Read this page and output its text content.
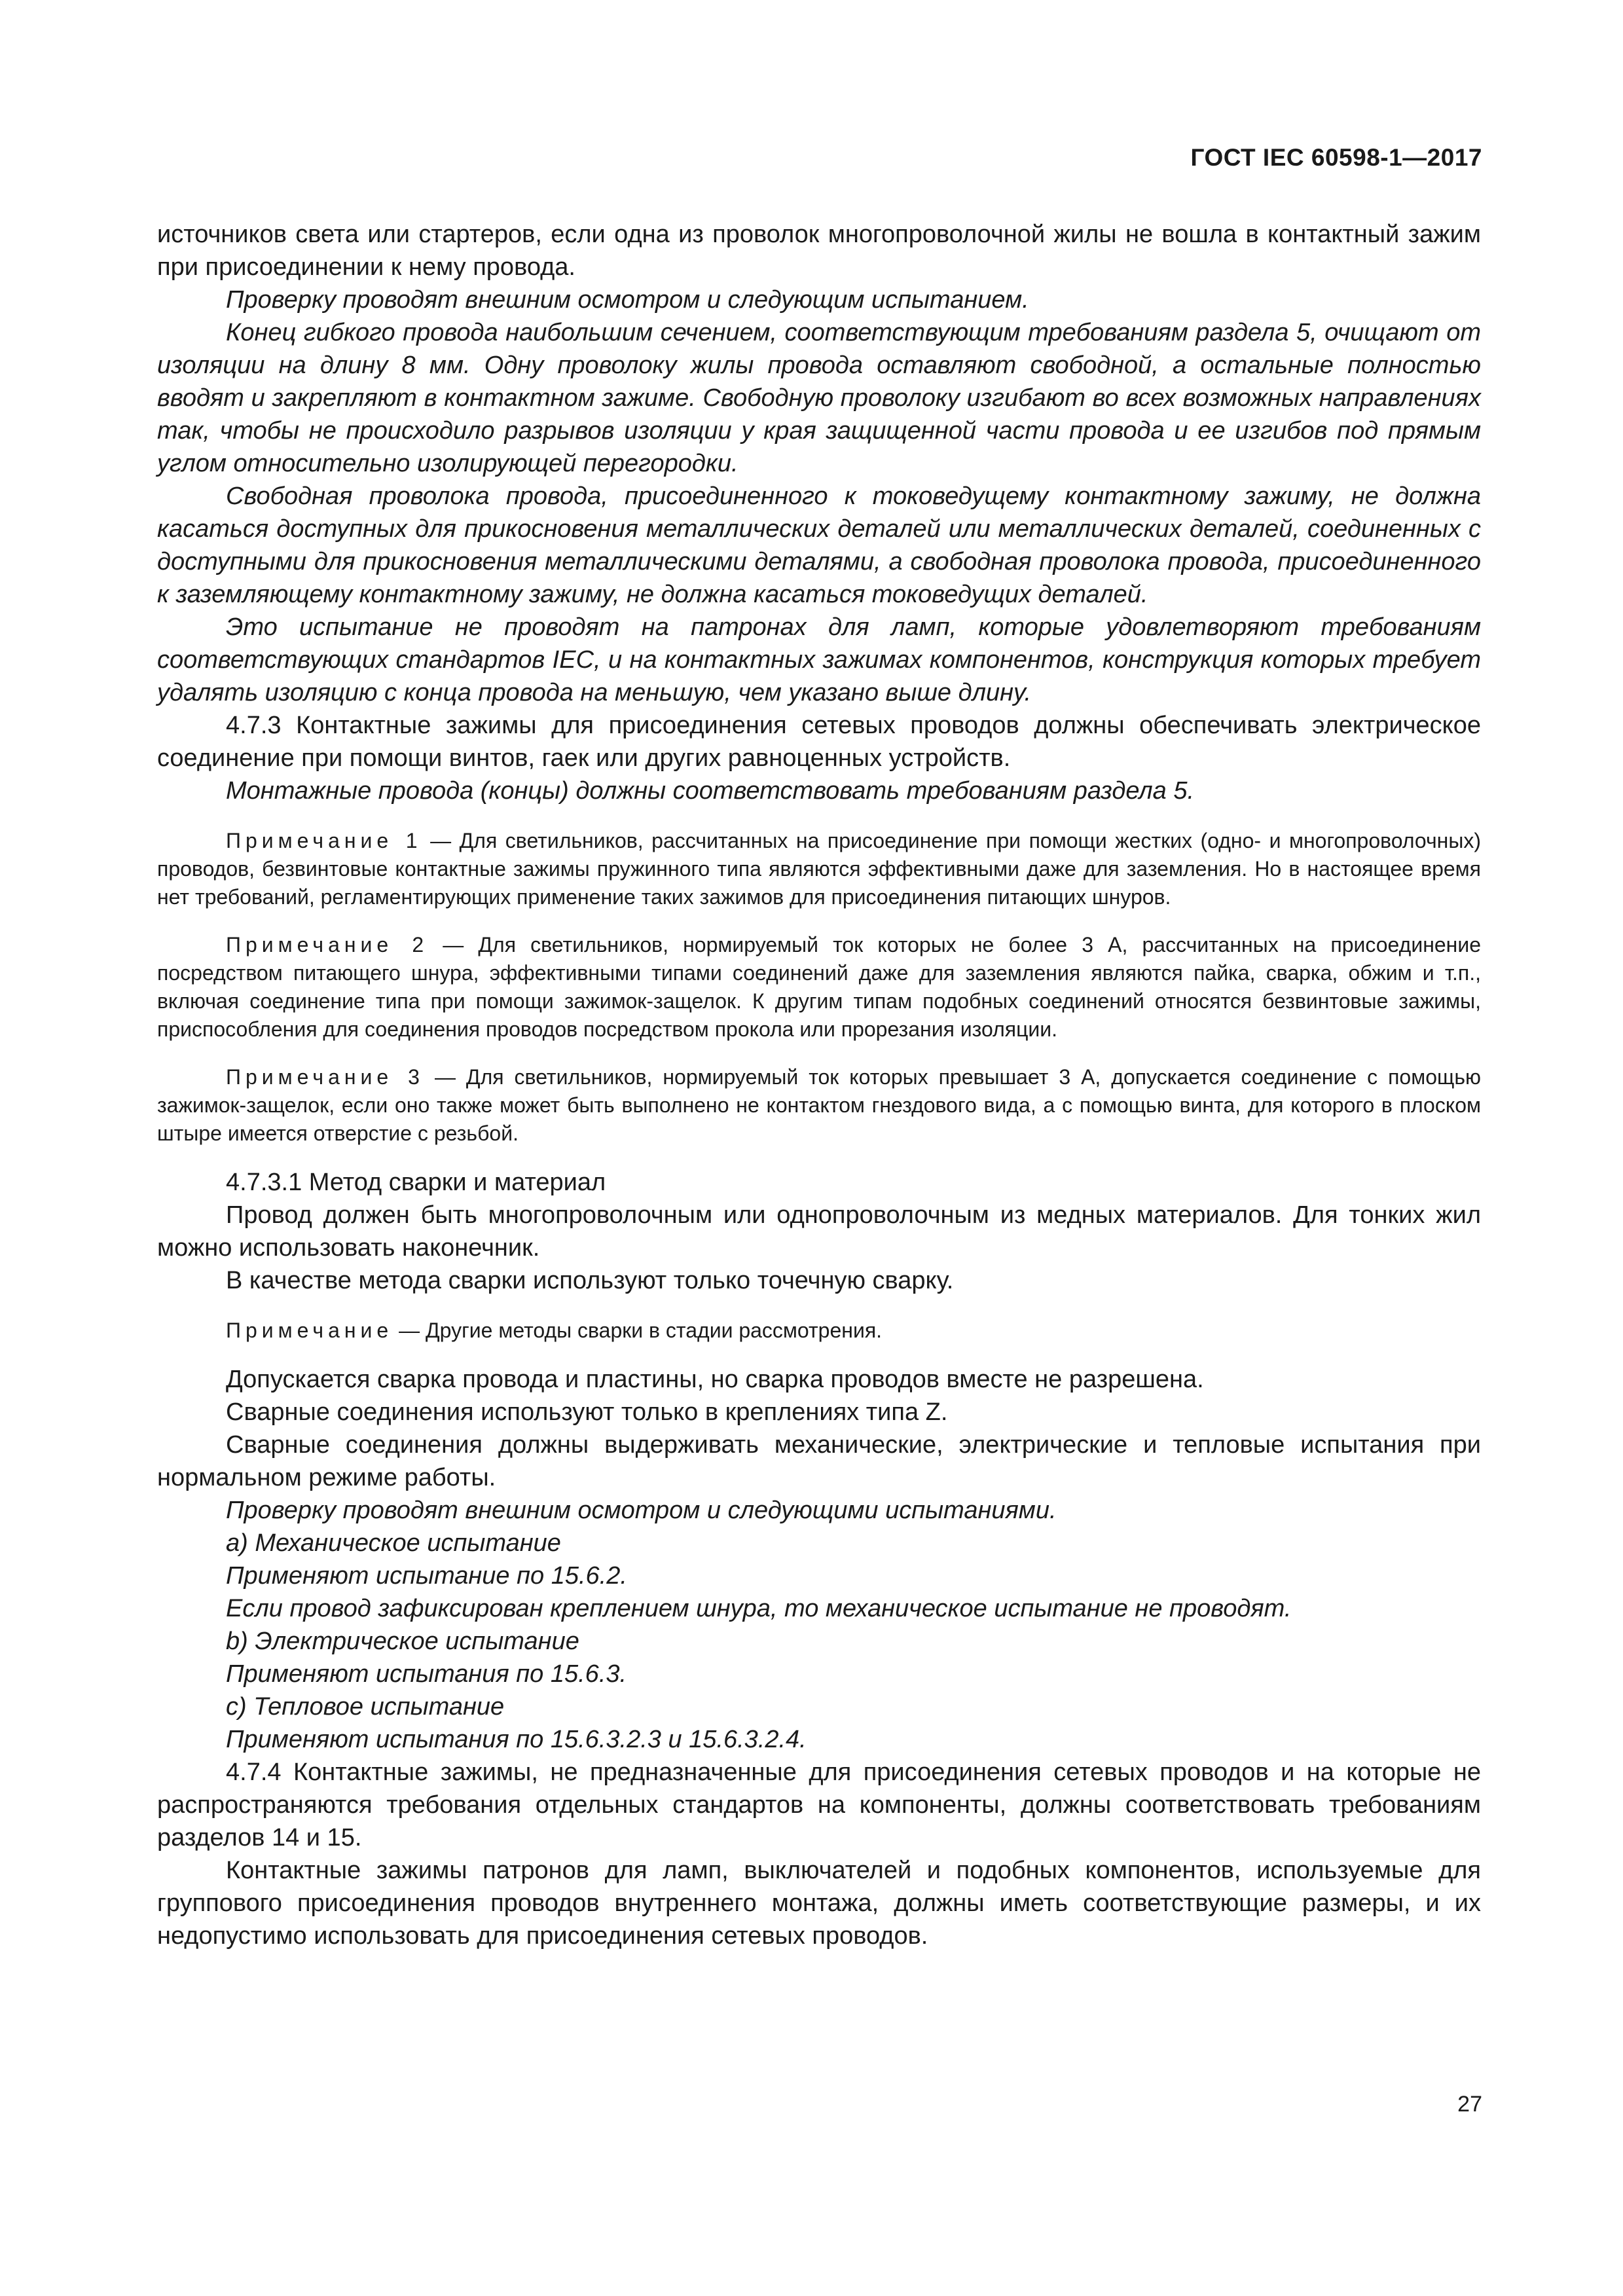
ГОСТ IEC 60598-1—2017

источников света или стартеров, если одна из проволок многопроволочной жилы не вошла в контактный зажим при присоединении к нему провода.

Проверку проводят внешним осмотром и следующим испытанием.

Конец гибкого провода наибольшим сечением, соответствующим требованиям раздела 5, очищают от изоляции на длину 8 мм. Одну проволоку жилы провода оставляют свободной, а остальные полностью вводят и закрепляют в контактном зажиме. Свободную проволоку изгибают во всех возможных направлениях так, чтобы не происходило разрывов изоляции у края защищенной части провода и ее изгибов под прямым углом относительно изолирующей перегородки.

Свободная проволока провода, присоединенного к токоведущему контактному зажиму, не должна касаться доступных для прикосновения металлических деталей или металлических деталей, соединенных с доступными для прикосновения металлическими деталями, а свободная проволока провода, присоединенного к заземляющему контактному зажиму, не должна касаться токоведущих деталей.

Это испытание не проводят на патронах для ламп, которые удовлетворяют требованиям соответствующих стандартов IEC, и на контактных зажимах компонентов, конструкция которых требует удалять изоляцию с конца провода на меньшую, чем указано выше длину.

4.7.3 Контактные зажимы для присоединения сетевых проводов должны обеспечивать электрическое соединение при помощи винтов, гаек или других равноценных устройств.

Монтажные провода (концы) должны соответствовать требованиям раздела 5.

Примечание 1 — Для светильников, рассчитанных на присоединение при помощи жестких (одно- и многопроволочных) проводов, безвинтовые контактные зажимы пружинного типа являются эффективными даже для заземления. Но в настоящее время нет требований, регламентирующих применение таких зажимов для присоединения питающих шнуров.

Примечание 2 — Для светильников, нормируемый ток которых не более 3 А, рассчитанных на присоединение посредством питающего шнура, эффективными типами соединений даже для заземления являются пайка, сварка, обжим и т.п., включая соединение типа при помощи зажимок-защелок. К другим типам подобных соединений относятся безвинтовые зажимы, приспособления для соединения проводов посредством прокола или прорезания изоляции.

Примечание 3 — Для светильников, нормируемый ток которых превышает 3 А, допускается соединение с помощью зажимок-защелок, если оно также может быть выполнено не контактом гнездового вида, а с помощью винта, для которого в плоском штыре имеется отверстие с резьбой.

4.7.3.1 Метод сварки и материал

Провод должен быть многопроволочным или однопроволочным из медных материалов. Для тонких жил можно использовать наконечник.

В качестве метода сварки используют только точечную сварку.

Примечание — Другие методы сварки в стадии рассмотрения.

Допускается сварка провода и пластины, но сварка проводов вместе не разрешена.

Сварные соединения используют только в креплениях типа Z.

Сварные соединения должны выдерживать механические, электрические и тепловые испытания при нормальном режиме работы.

Проверку проводят внешним осмотром и следующими испытаниями.

a) Механическое испытание

Применяют испытание по 15.6.2.

Если провод зафиксирован креплением шнура, то механическое испытание не проводят.

b) Электрическое испытание

Применяют испытания по 15.6.3.

c) Тепловое испытание

Применяют испытания по 15.6.3.2.3 и 15.6.3.2.4.

4.7.4 Контактные зажимы, не предназначенные для присоединения сетевых проводов и на которые не распространяются требования отдельных стандартов на компоненты, должны соответствовать требованиям разделов 14 и 15.

Контактные зажимы патронов для ламп, выключателей и подобных компонентов, используемые для группового присоединения проводов внутреннего монтажа, должны иметь соответствующие размеры, и их недопустимо использовать для присоединения сетевых проводов.

27
